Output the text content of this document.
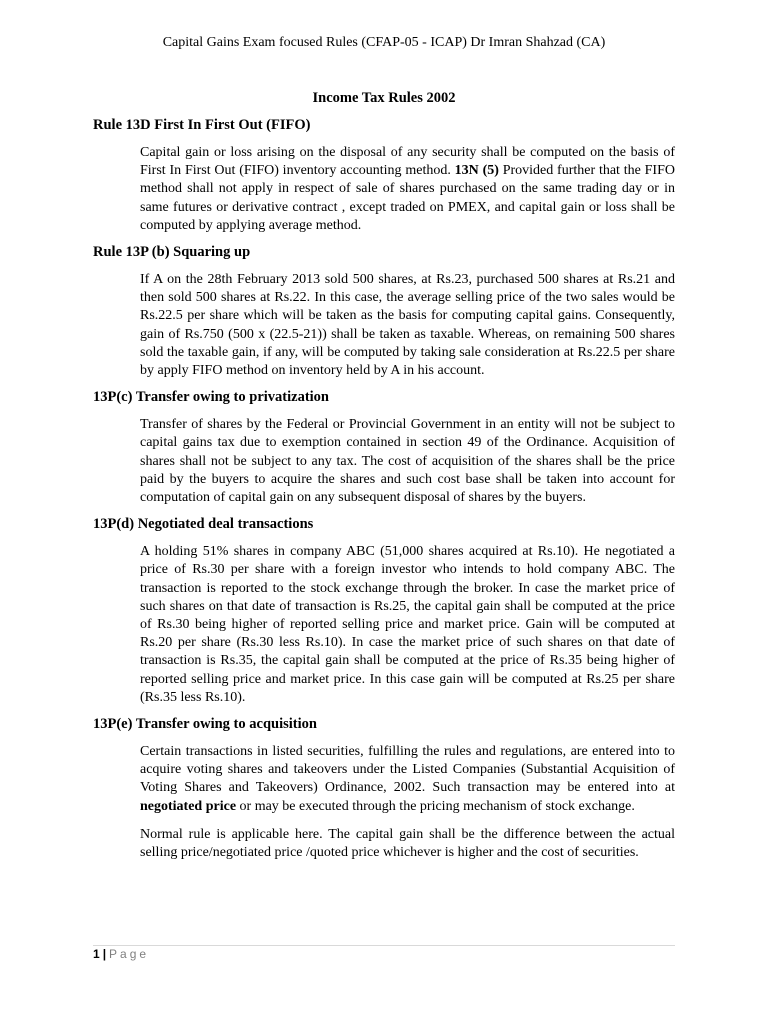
Capital Gains Exam focused Rules (CFAP-05 - ICAP) Dr Imran Shahzad (CA)
Income Tax Rules 2002
Rule 13D First In First Out (FIFO)

Capital gain or loss arising on the disposal of any security shall be computed on the basis of First In First Out (FIFO) inventory accounting method. 13N (5) Provided further that the FIFO method shall not apply in respect of sale of shares purchased on the same trading day or in same futures or derivative contract , except traded on PMEX, and capital gain or loss shall be computed by applying average method.

Rule 13P (b) Squaring up

If A on the 28th February 2013 sold 500 shares, at Rs.23, purchased 500 shares at Rs.21 and then sold 500 shares at Rs.22. In this case, the average selling price of the two sales would be Rs.22.5 per share which will be taken as the basis for computing capital gains. Consequently, gain of Rs.750 (500 x (22.5-21)) shall be taken as taxable. Whereas, on remaining 500 shares sold the taxable gain, if any, will be computed by taking sale consideration at Rs.22.5 per share by apply FIFO method on inventory held by A in his account.

13P(c) Transfer owing to privatization

Transfer of shares by the Federal or Provincial Government in an entity will not be subject to capital gains tax due to exemption contained in section 49 of the Ordinance. Acquisition of shares shall not be subject to any tax. The cost of acquisition of the shares shall be the price paid by the buyers to acquire the shares and such cost base shall be taken into account for computation of capital gain on any subsequent disposal of shares by the buyers.

13P(d) Negotiated deal transactions

A holding 51% shares in company ABC (51,000 shares acquired at Rs.10). He negotiated a price of Rs.30 per share with a foreign investor who intends to hold company ABC. The transaction is reported to the stock exchange through the broker. In case the market price of such shares on that date of transaction is Rs.25, the capital gain shall be computed at the price of Rs.30 being higher of reported selling price and market price. Gain will be computed at Rs.20 per share (Rs.30 less Rs.10). In case the market price of such shares on that date of transaction is Rs.35, the capital gain shall be computed at the price of Rs.35 being higher of reported selling price and market price. In this case gain will be computed at Rs.25 per share (Rs.35 less Rs.10).

13P(e) Transfer owing to acquisition

Certain transactions in listed securities, fulfilling the rules and regulations, are entered into to acquire voting shares and takeovers under the Listed Companies (Substantial Acquisition of Voting Shares and Takeovers) Ordinance, 2002. Such transaction may be entered into at negotiated price or may be executed through the pricing mechanism of stock exchange.

Normal rule is applicable here. The capital gain shall be the difference between the actual selling price/negotiated price /quoted price whichever is higher and the cost of securities.

1 | Page
